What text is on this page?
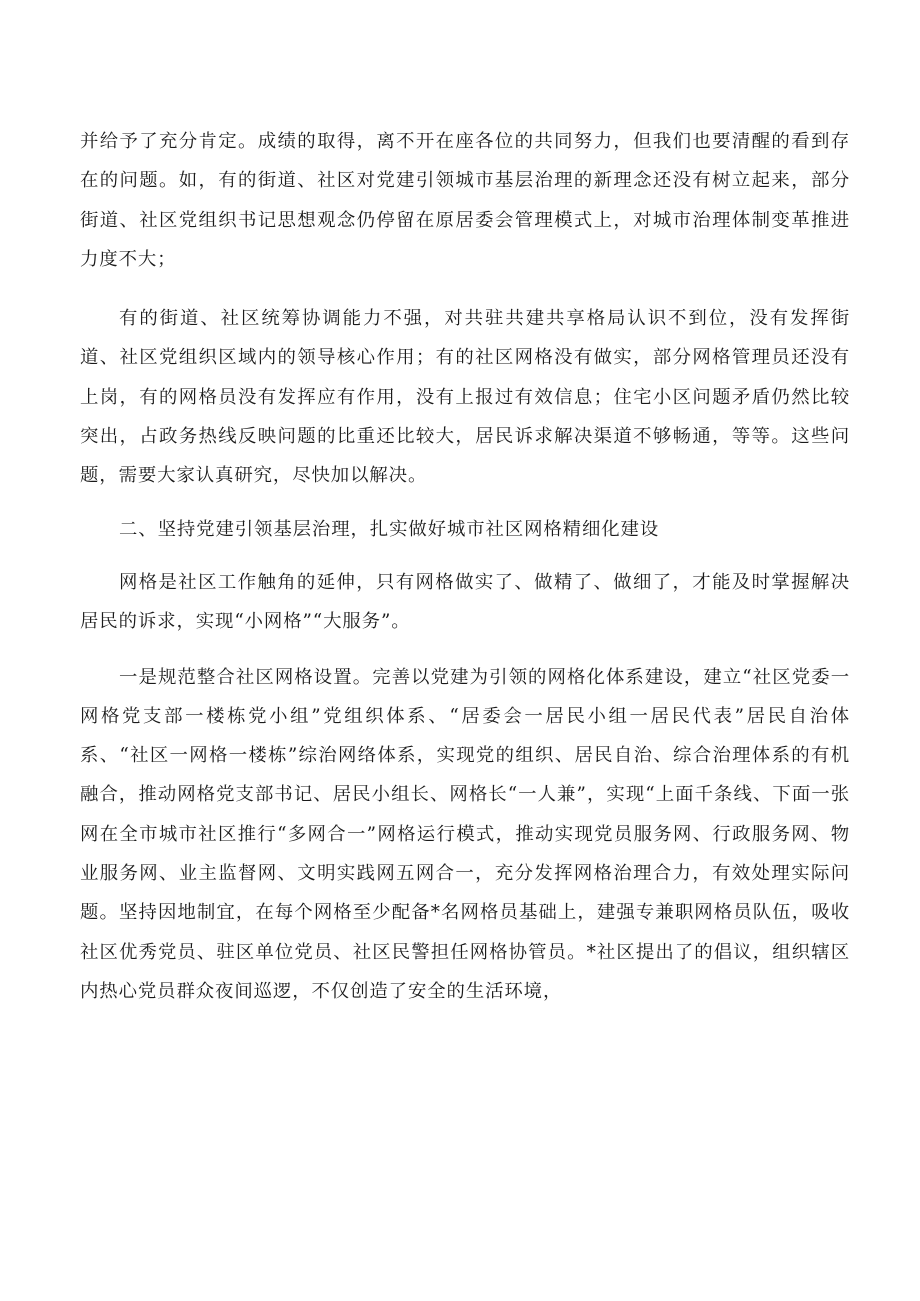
并给予了充分肯定。成绩的取得，离不开在座各位的共同努力，但我们也要清醒的看到存在的问题。如，有的街道、社区对党建引领城市基层治理的新理念还没有树立起来，部分街道、社区党组织书记思想观念仍停留在原居委会管理模式上，对城市治理体制变革推进力度不大；

有的街道、社区统筹协调能力不强，对共驻共建共享格局认识不到位，没有发挥街道、社区党组织区域内的领导核心作用；有的社区网格没有做实，部分网格管理员还没有上岗，有的网格员没有发挥应有作用，没有上报过有效信息；住宅小区问题矛盾仍然比较突出，占政务热线反映问题的比重还比较大，居民诉求解决渠道不够畅通，等等。这些问题，需要大家认真研究，尽快加以解决。

二、坚持党建引领基层治理，扎实做好城市社区网格精细化建设

网格是社区工作触角的延伸，只有网格做实了、做精了、做细了，才能及时掌握解决居民的诉求，实现“小网格”“大服务”。

一是规范整合社区网格设置。完善以党建为引领的网格化体系建设，建立“社区党委一网格党支部一楼栋党小组”党组织体系、“居委会一居民小组一居民代表”居民自治体系、“社区一网格一楼栋”综治网络体系，实现党的组织、居民自治、综合治理体系的有机融合，推动网格党支部书记、居民小组长、网格长“一人兼”，实现“上面千条线、下面一张网在全市城市社区推行“多网合一”网格运行模式，推动实现党员服务网、行政服务网、物业服务网、业主监督网、文明实践网五网合一，充分发挥网格治理合力，有效处理实际问题。坚持因地制宜，在每个网格至少配备*名网格员基础上，建强专兼职网格员队伍，吸收社区优秀党员、驻区单位党员、社区民警担任网格协管员。*社区提出了的倡议，组织辖区内热心党员群众夜间巡逻，不仅创造了安全的生活环境，
